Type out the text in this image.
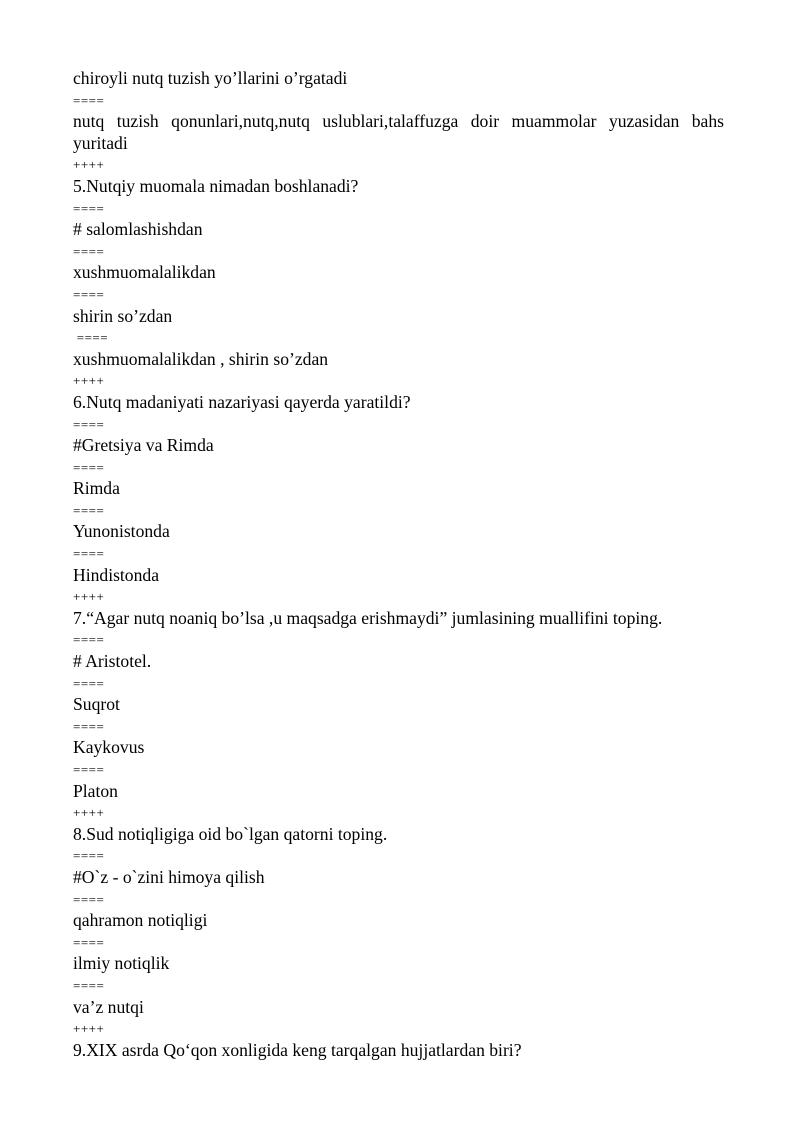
chiroyli nutq tuzish yo’llarini o’rgatadi
====
nutq tuzish qonunlari,nutq,nutq uslublari,talaffuzga doir muammolar yuzasidan bahs yuritadi
++++
5.Nutqiy muomala nimadan boshlanadi?
====
# salomlashishdan
====
xushmuomalalikdan
====
shirin so’zdan
====
xushmuomalalikdan , shirin so’zdan
++++
6.Nutq madaniyati nazariyasi qayerda yaratildi?
====
#Gretsiya va Rimda
====
Rimda
====
Yunonistonda
====
Hindistonda
++++
7.“Agar nutq noaniq bo’lsa ,u maqsadga erishmaydi” jumlasining muallifini toping.
====
# Aristotel.
====
Suqrot
====
Kaykovus
====
Platon
++++
8.Sud notiqligiga oid bo`lgan qatorni toping.
====
#O`z - o`zini himoya qilish
====
qahramon notiqligi
====
ilmiy notiqlik
====
va’z nutqi
++++
9.XIX asrda Qo‘qon xonligida keng tarqalgan hujjatlardan biri?
